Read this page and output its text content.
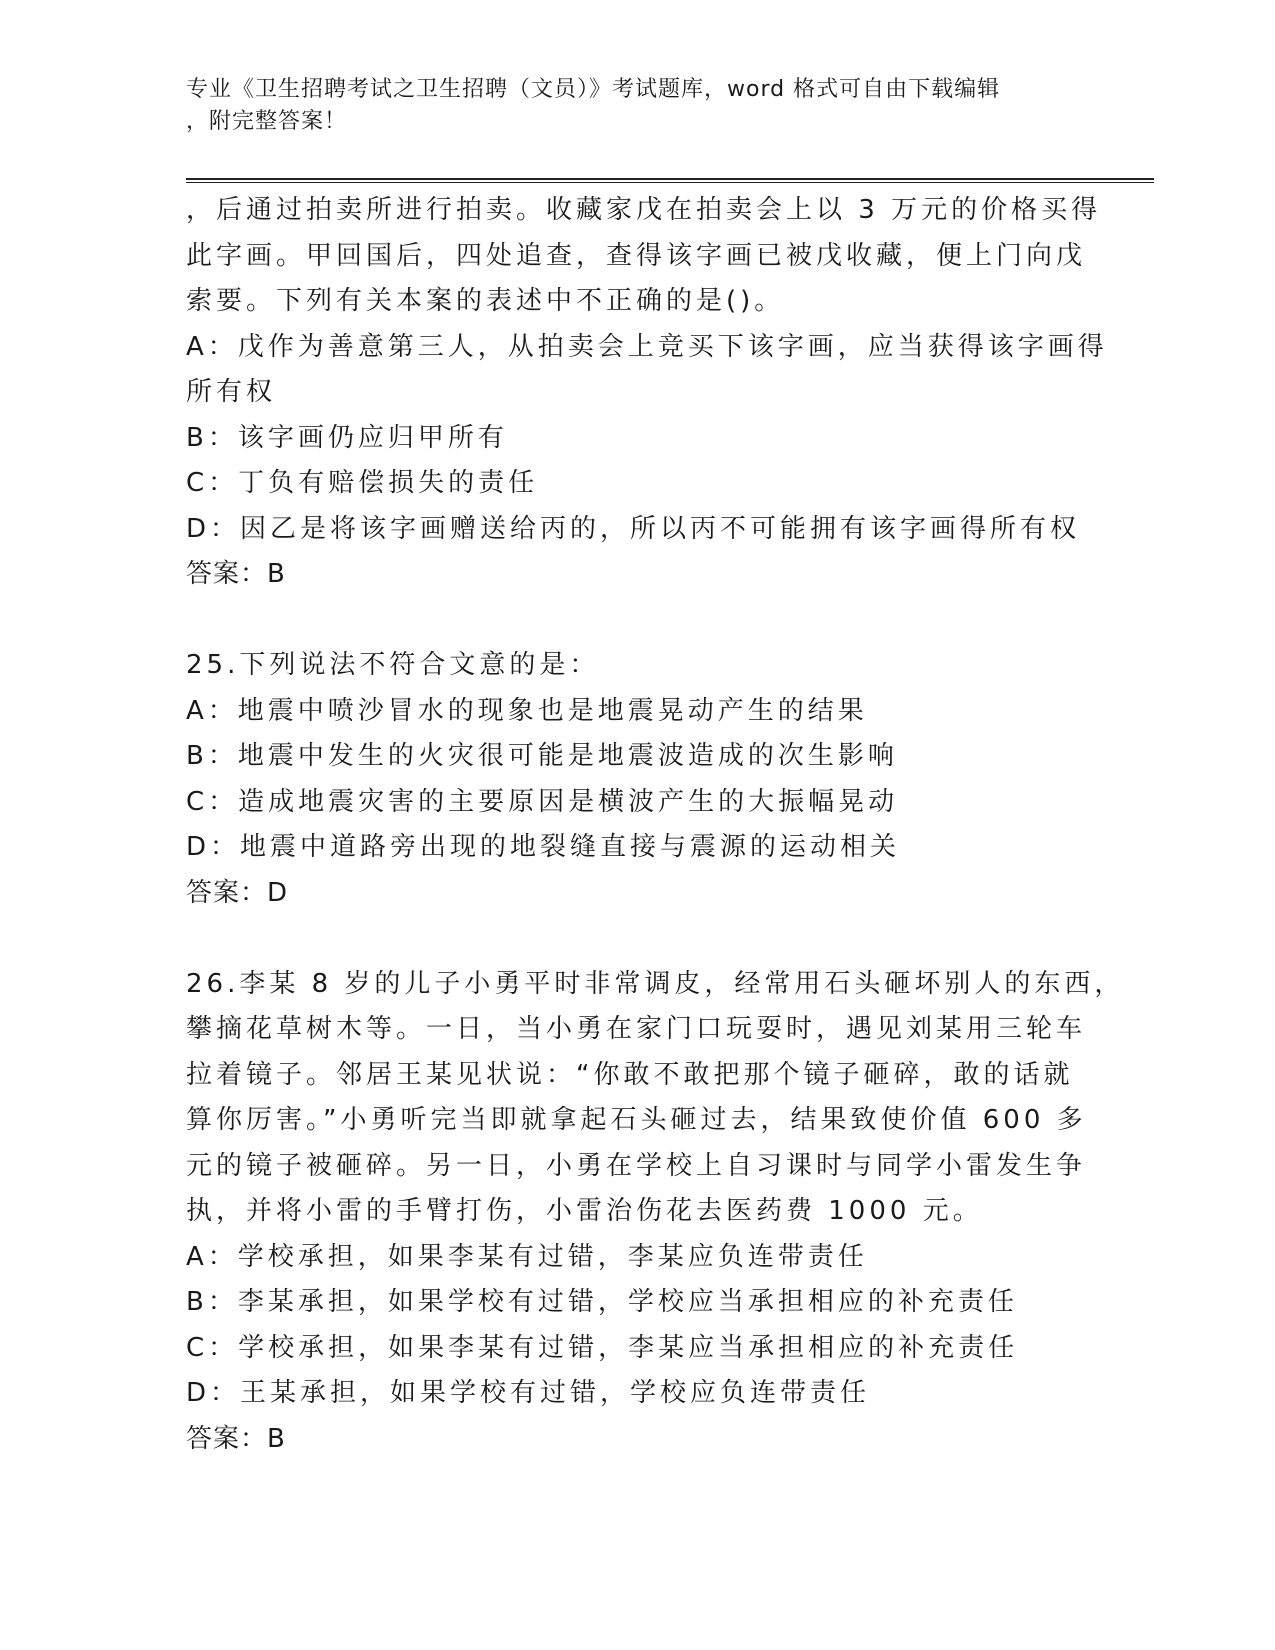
专业《卫生招聘考试之卫生招聘（文员）》考试题库，word 格式可自由下载编辑
，附完整答案！
，后通过拍卖所进行拍卖。收藏家戊在拍卖会上以 3 万元的价格买得
此字画。甲回国后，四处追查，查得该字画已被戊收藏，便上门向戊
索要。下列有关本案的表述中不正确的是()。
A：戊作为善意第三人，从拍卖会上竞买下该字画，应当获得该字画得
所有权
B：该字画仍应归甲所有
C：丁负有赔偿损失的责任
D：因乙是将该字画赠送给丙的，所以丙不可能拥有该字画得所有权
答案：B
25.下列说法不符合文意的是：
A：地震中喷沙冒水的现象也是地震晃动产生的结果
B：地震中发生的火灾很可能是地震波造成的次生影响
C：造成地震灾害的主要原因是横波产生的大振幅晃动
D：地震中道路旁出现的地裂缝直接与震源的运动相关
答案：D
26.李某 8 岁的儿子小勇平时非常调皮，经常用石头砸坏别人的东西，
攀摘花草树木等。一日，当小勇在家门口玩耍时，遇见刘某用三轮车
拉着镜子。邻居王某见状说：“你敢不敢把那个镜子砸碎，敢的话就
算你厉害。”小勇听完当即就拿起石头砸过去，结果致使价值 600 多
元的镜子被砸碎。另一日，小勇在学校上自习课时与同学小雷发生争
执，并将小雷的手臂打伤，小雷治伤花去医药费 1000 元。
A：学校承担，如果李某有过错，李某应负连带责任
B：李某承担，如果学校有过错，学校应当承担相应的补充责任
C：学校承担，如果李某有过错，李某应当承担相应的补充责任
D：王某承担，如果学校有过错，学校应负连带责任
答案：B
